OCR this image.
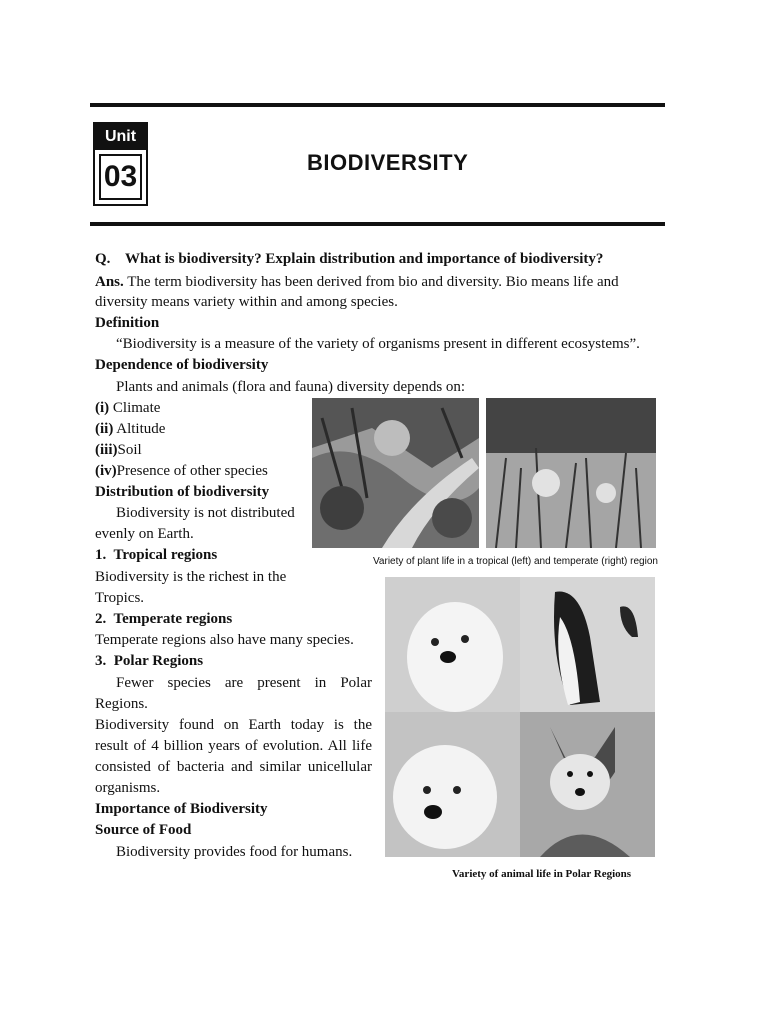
Unit
03	BIODIVERSITY
Q. What is biodiversity? Explain distribution and importance of biodiversity?
Ans. The term biodiversity has been derived from bio and diversity. Bio means life and
diversity means variety within and among species.
Definition
“Biodiversity is a measure of the variety of organisms present in different ecosystems”.
Dependence of biodiversity
Plants and animals (flora and fauna) diversity depends on:
(i) Climate
(ii) Altitude
(iii)Soil
(iv)Presence of other species
Distribution of biodiversity
Biodiversity is not distributed
evenly on Earth.
1.  Tropical regions
Biodiversity is the richest in the
Tropics.
2.  Temperate regions
Temperate regions also have many species.
3.  Polar Regions
Fewer species are present in Polar
Regions.
Biodiversity found on Earth today is the
result of 4 billion years of evolution. All life
consisted of bacteria and similar unicellular
organisms.
Importance of Biodiversity
Source of Food
Biodiversity provides food for humans.
Variety of plant life in a tropical (left) and temperate (right) region
Variety of animal life in Polar Regions
